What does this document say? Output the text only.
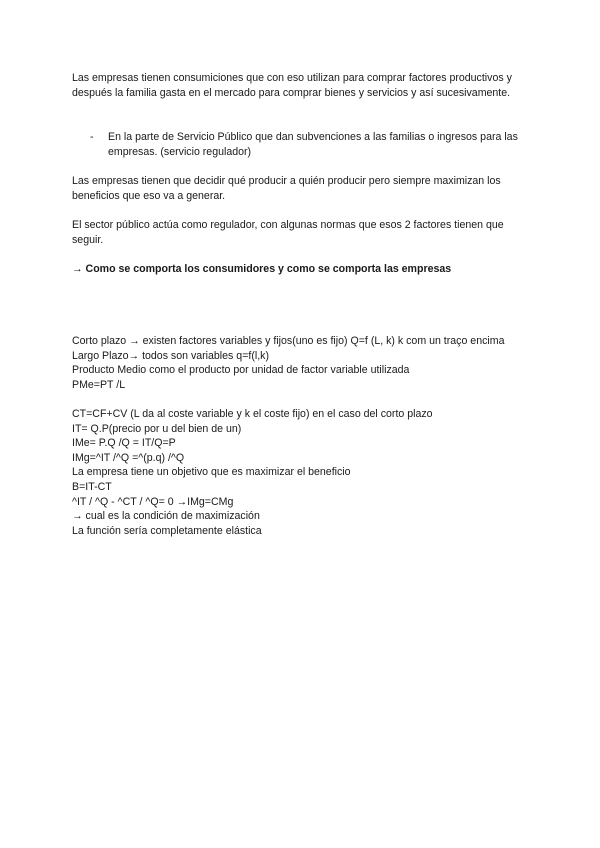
Las empresas tienen consumiciones que con eso utilizan para comprar factores productivos y después la familia gasta en el mercado para comprar bienes y servicios y así sucesivamente.

- En la parte de Servicio Público que dan subvenciones a las familias o ingresos para las empresas. (servicio regulador)

Las empresas tienen que decidir qué producir a quién producir pero siempre maximizan los beneficios que eso va a generar.

El sector público actúa como regulador, con algunas normas que esos 2 factores tienen que seguir.

→ Como se comporta los consumidores y como se comporta las empresas

Corto plazo → existen factores variables y fijos(uno es fijo) Q=f (L, k) k com un traço encima
Largo Plazo→ todos son variables q=f(l,k)
Producto Medio como el producto por unidad de factor variable utilizada
PMe=PT /L
CT=CF+CV (L da al coste variable y k el coste fijo) en el caso del corto plazo
IT= Q.P(precio por u del bien de un)
IMe= P.Q /Q = IT/Q=P
IMg=^IT /^Q =^(p.q) /^Q
La empresa tiene un objetivo que es maximizar el beneficio
B=IT-CT
^IT / ^Q - ^CT / ^Q= 0 →IMg=CMg
→ cual es la condición de maximización
La función sería completamente elástica
